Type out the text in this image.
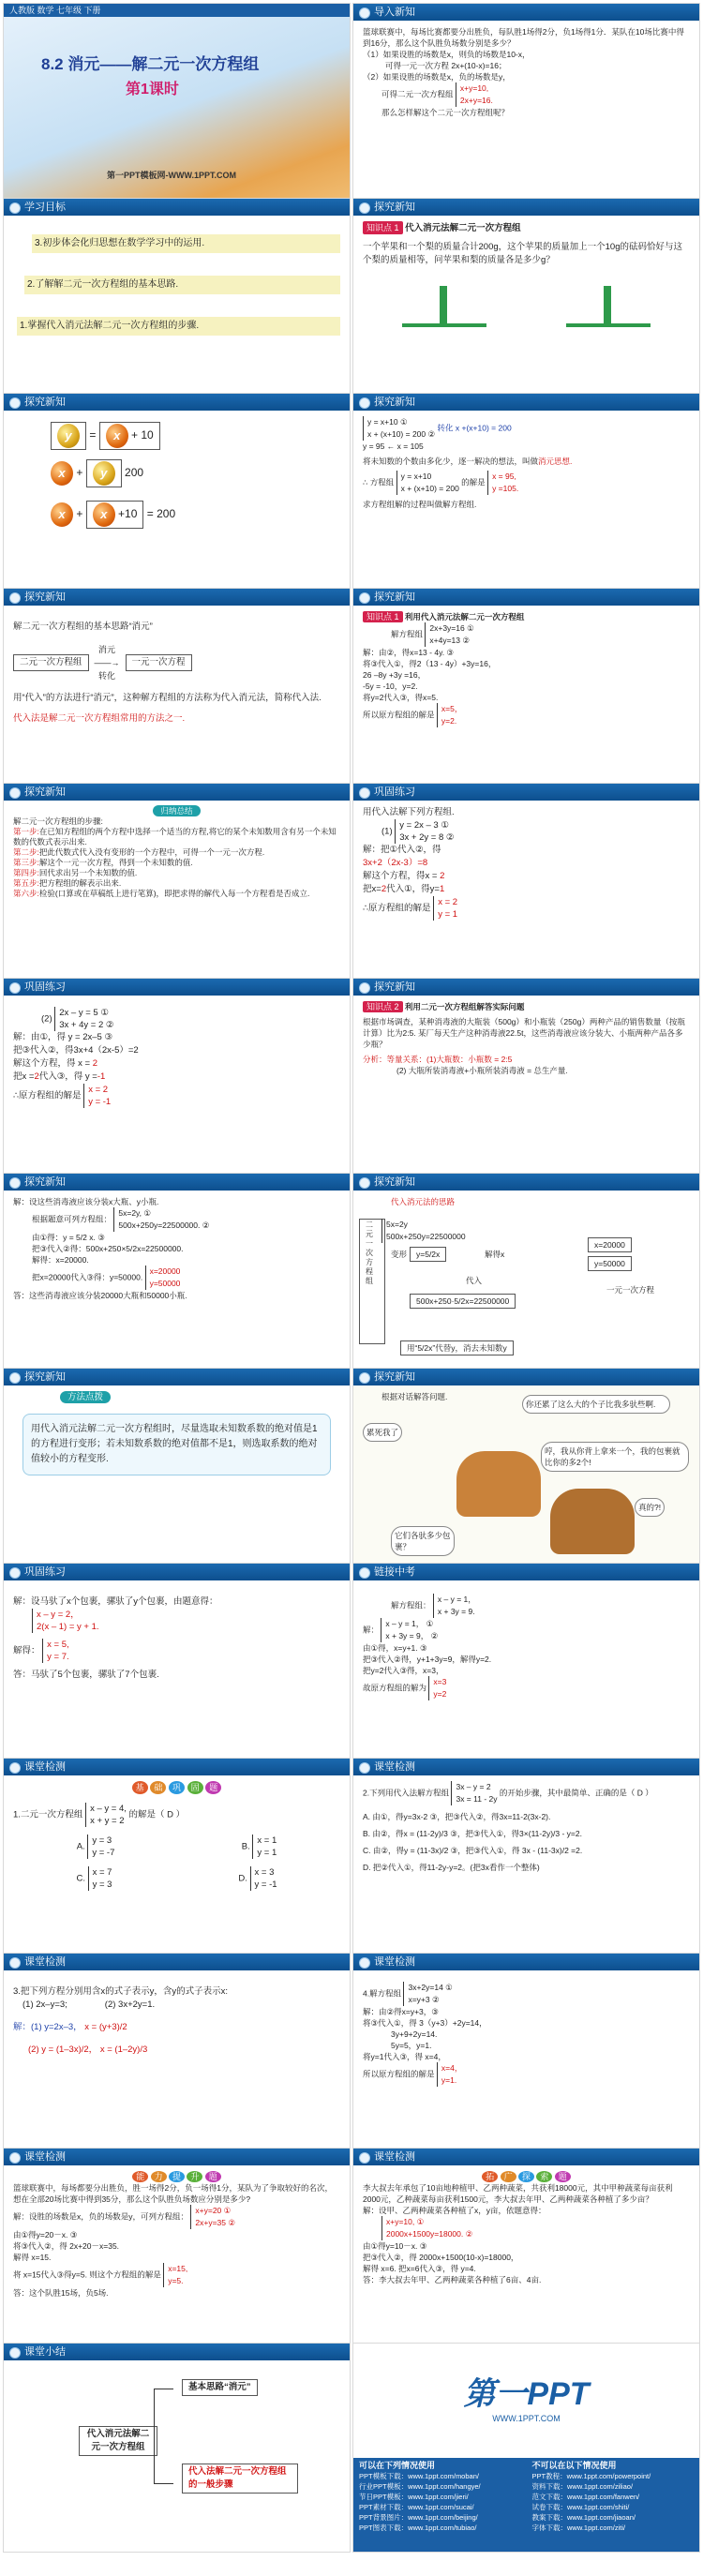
人教版 数学 七年级 下册
8.2 消元——解二元一次方程组
第1课时
第一PPT模板网-WWW.1PPT.COM
导入新知
篮球联赛中，每场比赛都要分出胜负，每队胜1场得2分，负1场得1分．某队在10场比赛中得到16分，那么这个队胜负场数分别是多少？
（1）如果设胜的场数是x，则负的场数是10-x，
可得一元一次方程 2x+(10-x)=16；
（2）如果设胜的场数是x，负的场数是y，
可得二元一次方程组 x+y=10,
2x+y=16.
那么怎样解这个二元一次方程组呢？
学习目标
3.初步体会化归思想在数学学习中的运用.
2.了解解二元一次方程组的基本思路.
1.掌握代入消元法解二元一次方程组的步骤.
探究新知
知识点 1 代入消元法解二元一次方程组
一个苹果和一个梨的质量合计200g，这个苹果的质量加上一个10g的砝码恰好与这个梨的质量相等，问苹果和梨的质量各是多少g？
探究新知
y = x + 10
x + y 200
x + x +10 = 200
探究新知
y = x+10 ①
x + (x+10) = 200 ② 转化 x +(x+10) = 200
y = 95 ← x = 105
将未知数的个数由多化少，逐一解决的想法，叫做消元思想.
∴ 方程组 y = x+10
x + (x+10) = 200 的解是 x = 95,
y =105.
求方程组解的过程叫做解方程组.
探究新知
解二元一次方程组的基本思路“消元”
二元一次方程组
消元
——→
转化
一元一次方程
用“代入”的方法进行“消元”，这种解方程组的方法称为代入消元法，简称代入法.
代入法是解二元一次方程组常用的方法之一.
探究新知
知识点 1 利用代入消元法解二元一次方程组
解方程组 2x+3y=16 ①
x+4y=13 ②
解：由②，得x=13 - 4y. ③
将③代入①，得2（13 - 4y）+3y=16，
26 –8y +3y =16，
-5y = -10，y=2.
将y=2代入③，得x=5.
所以原方程组的解是 x=5，
y=2.
探究新知
归纳总结
解二元一次方程组的步骤:
第一步:在已知方程组的两个方程中选择一个适当的方程,将它的某个未知数用含有另一个未知数的代数式表示出来.
第二步:把此代数式代入没有变形的一个方程中，可得一个一元一次方程.
第三步:解这个一元一次方程，得到一个未知数的值.
第四步:回代求出另一个未知数的值.
第五步:把方程组的解表示出来.
第六步:检验(口算或在草稿纸上进行笔算)，即把求得的解代入每一个方程看是否成立.
巩固练习
用代入法解下列方程组.
(1) y = 2x – 3 ①
3x + 2y = 8 ②
解：把①代入②，得
3x+2（2x-3）=8
解这个方程，得x = 2
把x=2代入①，得y=1
∴原方程组的解是 x = 2
y = 1
巩固练习
(2) 2x – y = 5 ①
3x + 4y = 2 ②
解：由①，得 y = 2x–5 ③
把③代入②，得3x+4（2x-5）=2
解这个方程，得 x = 2
把x =2代入③，得 y =-1
∴原方程组的解是 x = 2
y = -1
探究新知
知识点 2 利用二元一次方程组解答实际问题
根据市场调查，某种消毒液的大瓶装（500g）和小瓶装（250g）两种产品的销售数量（按瓶计算）比为2:5. 某厂每天生产这种消毒液22.5t，这些消毒液应该分装大、小瓶两种产品各多少瓶？
分析：等量关系：(1)大瓶数：小瓶数 = 2:5
(2) 大瓶所装消毒液+小瓶所装消毒液 = 总生产量.
探究新知
解：设这些消毒液应该分装x大瓶、y小瓶.
根据题意可列方程组： 5x=2y, ①
500x+250y=22500000. ②
由①得：y = 5/2 x. ③
把③代入②得：500x+250×5/2x=22500000.
解得：x=20000.
把x=20000代入③得：y=50000. x=20000
y=50000
答：这些消毒液应该分装20000大瓶和50000小瓶.
探究新知
代入消元法的思路
二元一次方程组
5x=2y
500x+250y=22500000
y=5/2x
变形
代入
解得x
x=20000
y=50000
500x+250·5/2x=22500000
一元一次方程
用“5/2x”代替y，消去未知数y
探究新知
方法点拨
用代入消元法解二元一次方程组时，尽量选取未知数系数的绝对值是1的方程进行变形；若未知数系数的绝对值都不是1，则选取系数的绝对值较小的方程变形.
探究新知
根据对话解答问题.
你还累了这么大的个子比我多驮些啊.
哼，我从你背上拿来一个，我的包裹就比你的多2个!
真的?!
它们各驮多少包裹？
累死我了
巩固练习
解：设马驮了x个包裹，骡驮了y个包裹，由题意得：
x – y = 2，
2(x – 1) = y + 1.
解得： x = 5,
y = 7.
答：马驮了5个包裹，骡驮了7个包裹.
链接中考
解方程组： x – y = 1，
x + 3y = 9.
解： x – y = 1， ①
x + 3y = 9， ②
由①得，x=y+1. ③
把③代入②得，y+1+3y=9，解得y=2.
把y=2代入③得，x=3，
故原方程组的解为 x=3
y=2
课堂检测
基 础 巩 固 题
1.二元一次方程组 x – y = 4,
x + y = 2 的解是（ D ）
A. y = 3
y = -7
B. x = 1
y = 1
C. x = 7
y = 3
D. x = 3
y = -1
课堂检测
2.下列用代入法解方程组 3x – y = 2
3x = 11 - 2y 的开始步骤，其中最简单、正确的是（ D ）
A. 由①，得y=3x-2 ③，把③代入②，得3x=11-2(3x-2).
B. 由②，得x = (11-2y)/3 ③，把③代入①，得3×(11-2y)/3 - y=2.
C. 由②，得y = (11-3x)/2 ③，把③代入①，得 3x - (11-3x)/2 =2.
D. 把②代入①，得11-2y-y=2。(把3x看作一个整体)
课堂检测
3.把下列方程分别用含x的式子表示y，含y的式子表示x:
(1) 2x–y=3;	(2) 3x+2y=1.
解：(1) y=2x–3， x = (y+3)/2
(2) y = (1–3x)/2， x = (1–2y)/3
课堂检测
4.解方程组 3x+2y=14 ①
x=y+3 ②
解：由②得x=y+3，③
将③代入①，得 3（y+3）+2y=14，
3y+9+2y=14.
5y=5，y=1.
将y=1代入③，得 x=4，
所以原方程组的解是 x=4，
y=1.
课堂检测
能 力 提 升 题
篮球联赛中，每场都要分出胜负，胜一场得2分，负一场得1分，某队为了争取较好的名次，想在全部20场比赛中得到35分，那么这个队胜负场数应分别是多少?
解：设胜的场数是x，负的场数是y，可列方程组： x+y=20 ①
2x+y=35 ②
由①得y=20－x. ③
将③代入②，得 2x+20－x=35.
解得 x=15.
将 x=15代入③得y=5. 则这个方程组的解是 x=15,
y=5.
答：这个队胜15场，负5场.
课堂检测
拓 广 探 索 题
李大叔去年承包了10亩地种植甲、乙两种蔬菜，共获利18000元，其中甲种蔬菜每亩获利2000元，乙种蔬菜每亩获利1500元，李大叔去年甲、乙两种蔬菜各种植了多少亩？
解：设甲、乙两种蔬菜各种植了x，y亩，依题意得：
x+y=10, ①
2000x+1500y=18000. ②
由①得y=10－x. ③
把③代入②，得 2000x+1500(10-x)=18000，
解得 x=6. 把x=6代入③，得 y=4.
答：李大叔去年甲、乙两种蔬菜各种植了6亩、4亩.
课堂小结
代入消元法解二元一次方程组
基本思路“消元”
代入法解二元一次方程组的一般步骤
第一PPT
WWW.1PPT.COM
可以在下列情况使用
PPT模板下载：www.1ppt.com/moban/
行业PPT模板：www.1ppt.com/hangye/
节日PPT模板：www.1ppt.com/jieri/
PPT素材下载：www.1ppt.com/sucai/
PPT背景图片：www.1ppt.com/beijing/
PPT图表下载：www.1ppt.com/tubiao/
不可以在以下情况使用
PPT教程：www.1ppt.com/powerpoint/
资料下载：www.1ppt.com/ziliao/
范文下载：www.1ppt.com/fanwen/
试卷下载：www.1ppt.com/shiti/
教案下载：www.1ppt.com/jiaoan/
字体下载：www.1ppt.com/ziti/
